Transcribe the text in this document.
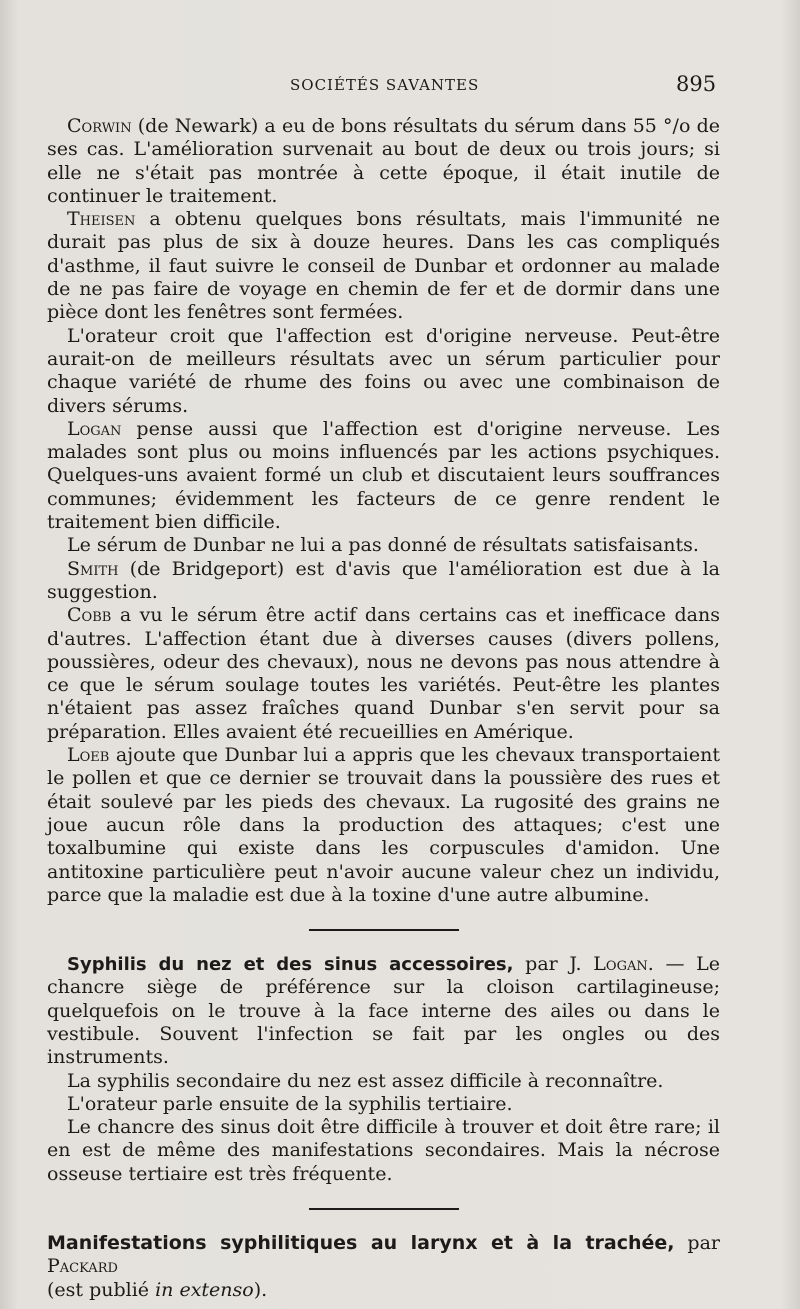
SOCIÉTÉS SAVANTES	895

Corwin (de Newark) a eu de bons résultats du sérum dans 55 °/o de ses cas. L'amélioration survenait au bout de deux ou trois jours; si elle ne s'était pas montrée à cette époque, il était inutile de continuer le traitement.

Theisen a obtenu quelques bons résultats, mais l'immunité ne durait pas plus de six à douze heures. Dans les cas compliqués d'asthme, il faut suivre le conseil de Dunbar et ordonner au malade de ne pas faire de voyage en chemin de fer et de dormir dans une pièce dont les fenêtres sont fermées.

L'orateur croit que l'affection est d'origine nerveuse. Peut-être aurait-on de meilleurs résultats avec un sérum particulier pour chaque variété de rhume des foins ou avec une combinaison de divers sérums.

Logan pense aussi que l'affection est d'origine nerveuse. Les malades sont plus ou moins influencés par les actions psychiques. Quelques-uns avaient formé un club et discutaient leurs souffrances communes; évidemment les facteurs de ce genre rendent le traitement bien difficile.

Le sérum de Dunbar ne lui a pas donné de résultats satisfaisants.

Smith (de Bridgeport) est d'avis que l'amélioration est due à la suggestion.

Cobb a vu le sérum être actif dans certains cas et inefficace dans d'autres. L'affection étant due à diverses causes (divers pollens, poussières, odeur des chevaux), nous ne devons pas nous attendre à ce que le sérum soulage toutes les variétés. Peut-être les plantes n'étaient pas assez fraîches quand Dunbar s'en servit pour sa préparation. Elles avaient été recueillies en Amérique.

Loeb ajoute que Dunbar lui a appris que les chevaux transportaient le pollen et que ce dernier se trouvait dans la poussière des rues et était soulevé par les pieds des chevaux. La rugosité des grains ne joue aucun rôle dans la production des attaques; c'est une toxalbumine qui existe dans les corpuscules d'amidon. Une antitoxine particulière peut n'avoir aucune valeur chez un individu, parce que la maladie est due à la toxine d'une autre albumine.

Syphilis du nez et des sinus accessoires, par J. Logan. — Le chancre siège de préférence sur la cloison cartilagineuse; quelquefois on le trouve à la face interne des ailes ou dans le vestibule. Souvent l'infection se fait par les ongles ou des instruments.

La syphilis secondaire du nez est assez difficile à reconnaître.

L'orateur parle ensuite de la syphilis tertiaire.

Le chancre des sinus doit être difficile à trouver et doit être rare; il en est de même des manifestations secondaires. Mais la nécrose osseuse tertiaire est très fréquente.

Manifestations syphilitiques au larynx et à la trachée, par Packard
(est publié in extenso).
